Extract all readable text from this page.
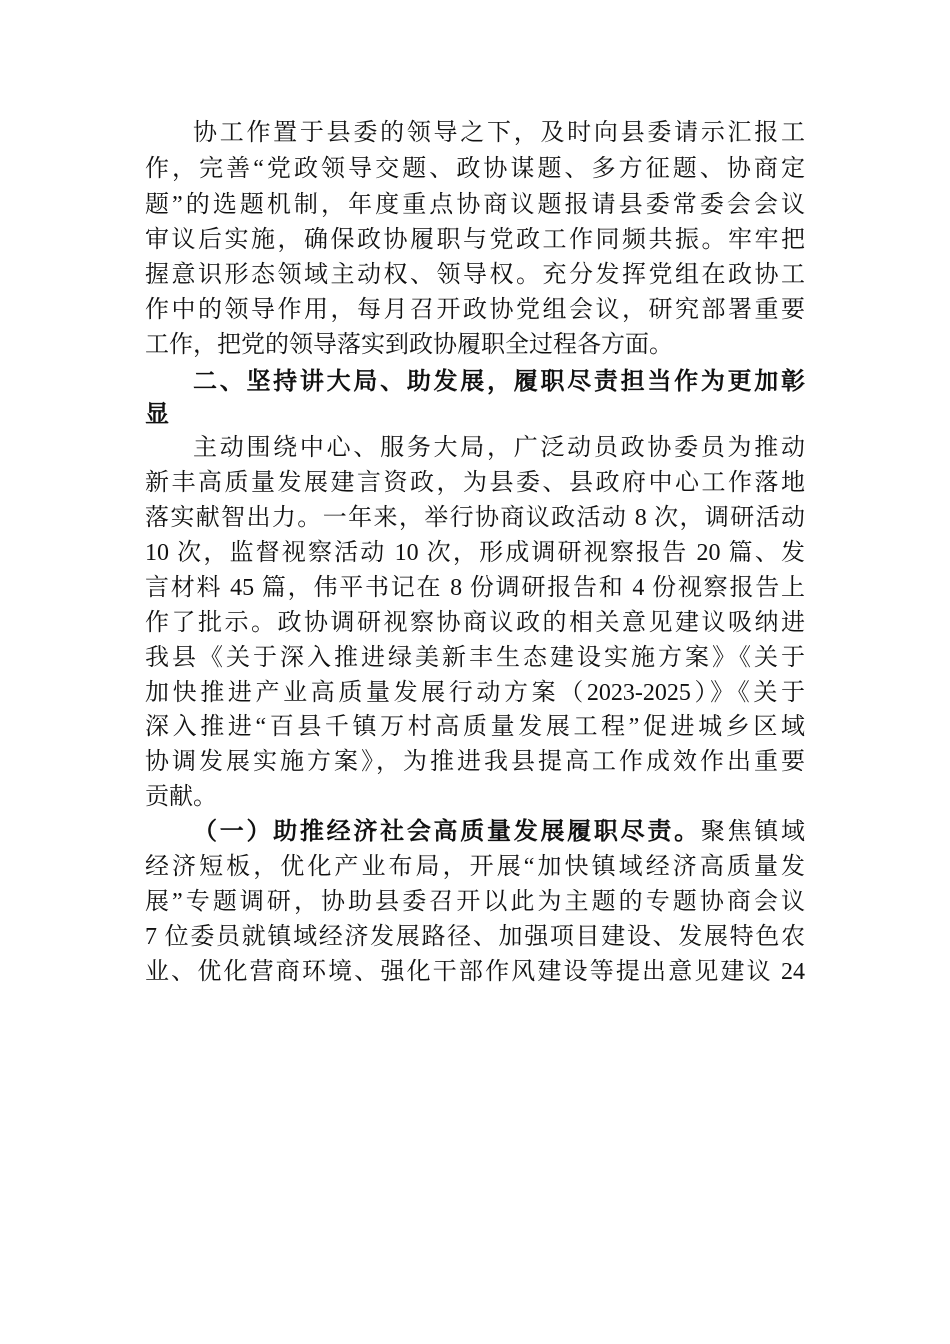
协工作置于县委的领导之下，及时向县委请示汇报工
作，完善“党政领导交题、政协谋题、多方征题、协商定
题”的选题机制，年度重点协商议题报请县委常委会会议
审议后实施，确保政协履职与党政工作同频共振。牢牢把
握意识形态领域主动权、领导权。充分发挥党组在政协工
作中的领导作用，每月召开政协党组会议，研究部署重要
工作，把党的领导落实到政协履职全过程各方面。
二、坚持讲大局、助发展，履职尽责担当作为更加彰
显
主动围绕中心、服务大局，广泛动员政协委员为推动
新丰高质量发展建言资政，为县委、县政府中心工作落地
落实献智出力。一年来，举行协商议政活动 8 次，调研活动
10 次，监督视察活动 10 次，形成调研视察报告 20 篇、发
言材料 45 篇，伟平书记在 8 份调研报告和 4 份视察报告上
作了批示。政协调研视察协商议政的相关意见建议吸纳进
我县《关于深入推进绿美新丰生态建设实施方案》《关于
加快推进产业高质量发展行动方案（2023-2025）》《关于
深入推进“百县千镇万村高质量发展工程”促进城乡区域
协调发展实施方案》，为推进我县提高工作成效作出重要
贡献。
（一）助推经济社会高质量发展履职尽责。聚焦镇域
经济短板，优化产业布局，开展“加快镇域经济高质量发
展”专题调研，协助县委召开以此为主题的专题协商会议
7 位委员就镇域经济发展路径、加强项目建设、发展特色农
业、优化营商环境、强化干部作风建设等提出意见建议 24
